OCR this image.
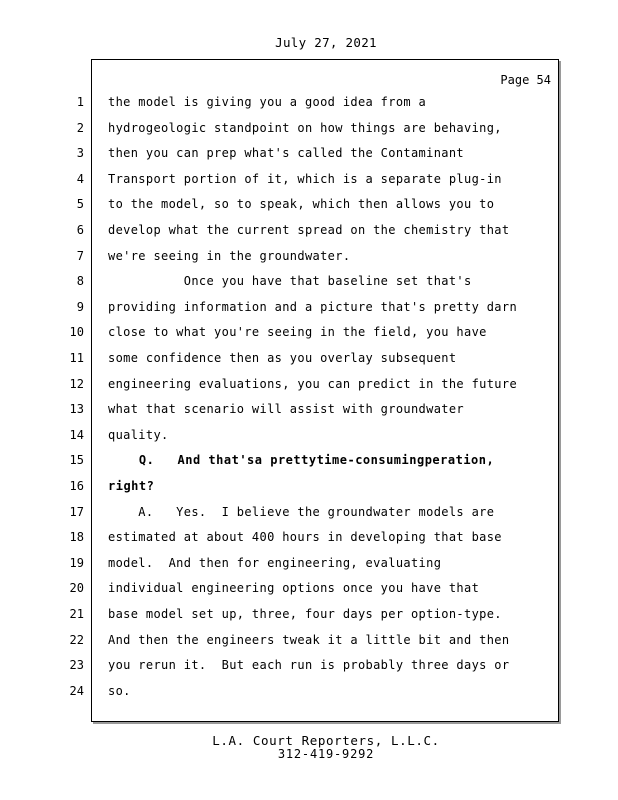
July 27, 2021
Page 54
1 the model is giving you a good idea from a
2 hydrogeologic standpoint on how things are behaving,
3 then you can prep what's called the Contaminant
4 Transport portion of it, which is a separate plug-in
5 to the model, so to speak, which then allows you to
6 develop what the current spread on the chemistry that
7 we're seeing in the groundwater.
8 Once you have that baseline set that's
9 providing information and a picture that's pretty darn
10 close to what you're seeing in the field, you have
11 some confidence then as you overlay subsequent
12 engineering evaluations, you can predict in the future
13 what that scenario will assist with groundwater
14 quality.
15 Q.   And that'sa prettytime-consumingperation,
16 right?
17 A.   Yes.  I believe the groundwater models are
18 estimated at about 400 hours in developing that base
19 model.  And then for engineering, evaluating
20 individual engineering options once you have that
21 base model set up, three, four days per option-type.
22 And then the engineers tweak it a little bit and then
23 you rerun it.  But each run is probably three days or
24 so.
L.A. Court Reporters, L.L.C.
312-419-9292
